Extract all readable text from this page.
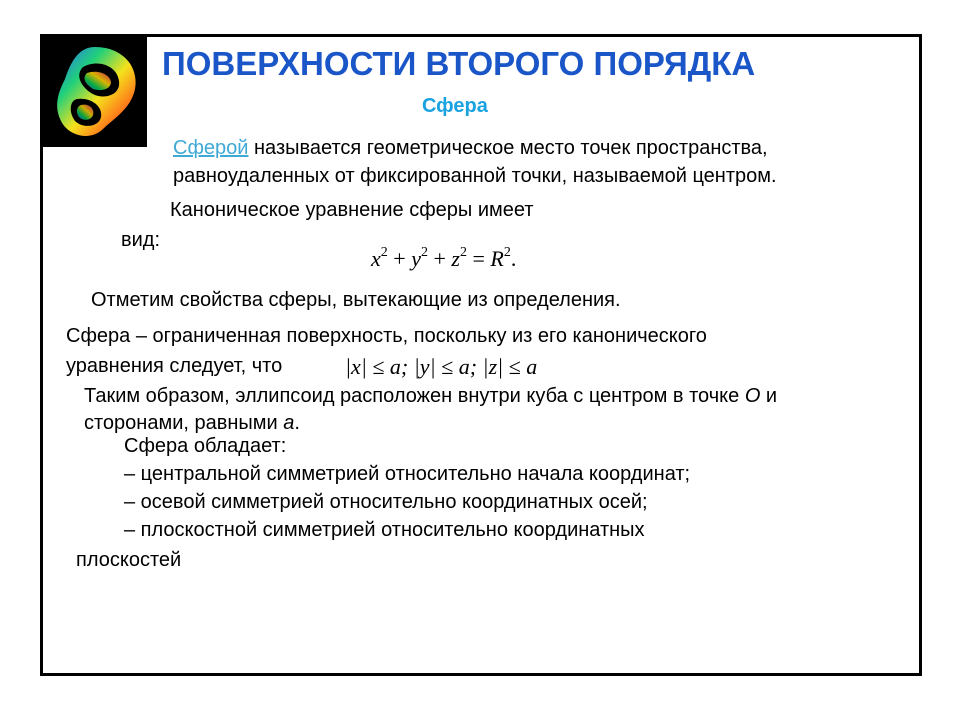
ПОВЕРХНОСТИ ВТОРОГО ПОРЯДКА
Сфера
Сферой называется геометрическое место точек пространства,
равноудаленных от фиксированной точки, называемой центром.
Каноническое уравнение сферы имеет
вид:
$x^2 + y^2 + z^2 = R^2$.
Отметим свойства сферы, вытекающие из определения.
Сфера – ограниченная поверхность, поскольку из его канонического
уравнения следует, что	|x| ≤ a; |y| ≤ a; |z| ≤ a
Таким образом, эллипсоид расположен внутри куба с центром в точке О и
сторонами, равными а.
Сфера обладает:
– центральной симметрией относительно начала координат;
– осевой симметрией относительно координатных осей;
– плоскостной симметрией относительно координатных
плоскостей
